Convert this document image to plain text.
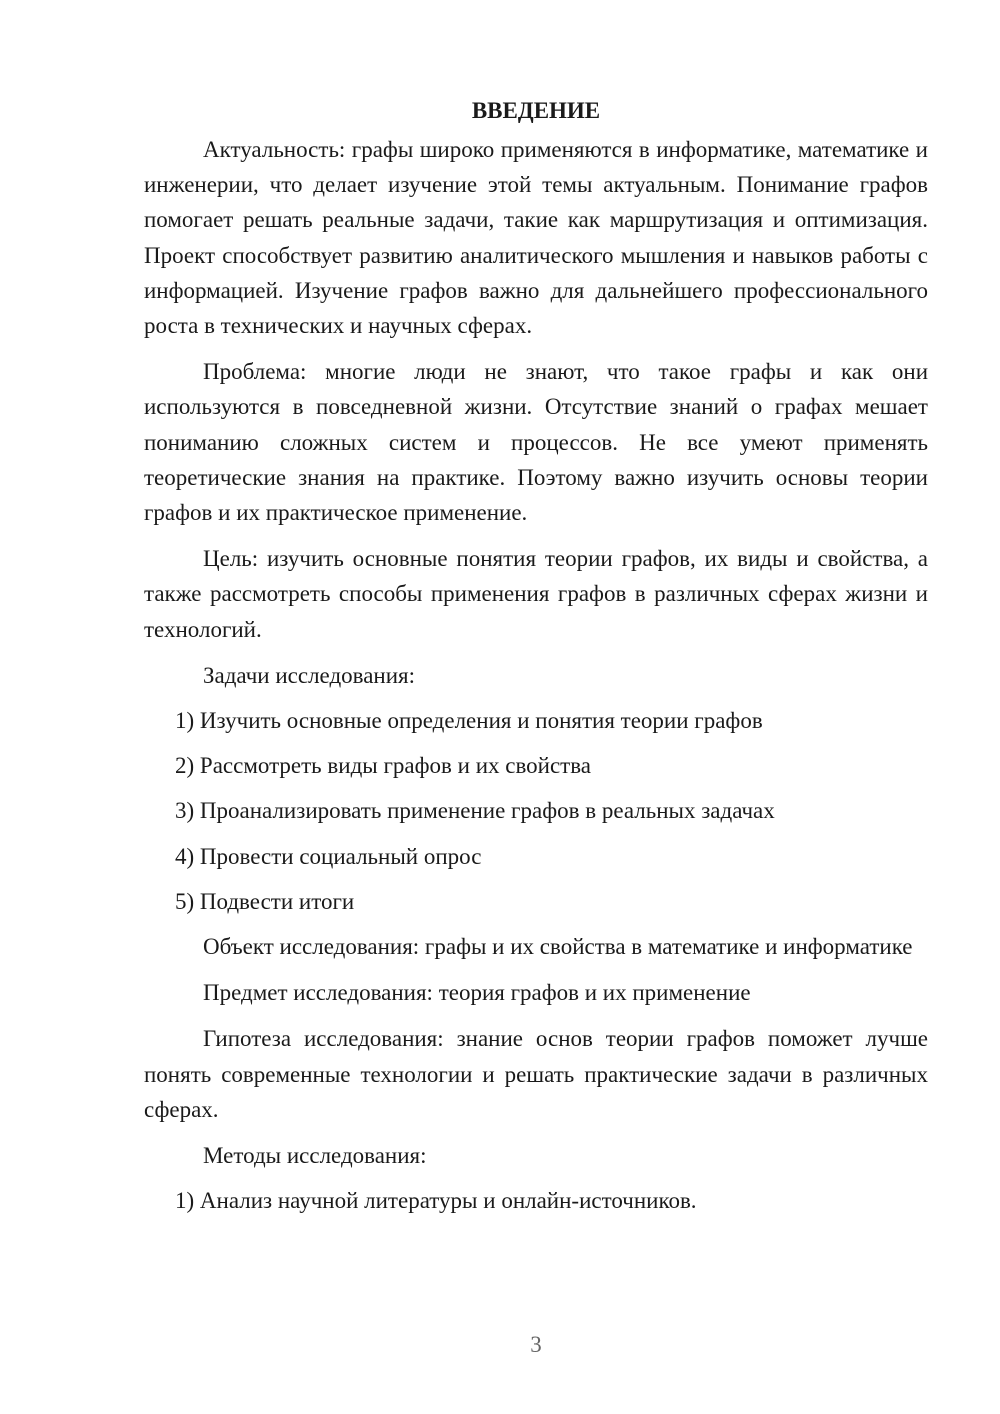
ВВЕДЕНИЕ

Актуальность: графы широко применяются в информатике, математике и инженерии, что делает изучение этой темы актуальным. Понимание графов помогает решать реальные задачи, такие как маршрутизация и оптимизация. Проект способствует развитию аналитического мышления и навыков работы с информацией. Изучение графов важно для дальнейшего профессионального роста в технических и научных сферах.

Проблема: многие люди не знают, что такое графы и как они используются в повседневной жизни. Отсутствие знаний о графах мешает пониманию сложных систем и процессов. Не все умеют применять теоретические знания на практике. Поэтому важно изучить основы теории графов и их практическое применение.

Цель: изучить основные понятия теории графов, их виды и свойства, а также рассмотреть способы применения графов в различных сферах жизни и технологий.

Задачи исследования:
1) Изучить основные определения и понятия теории графов
2) Рассмотреть виды графов и их свойства
3) Проанализировать применение графов в реальных задачах
4) Провести социальный опрос
5) Подвести итоги

Объект исследования: графы и их свойства в математике и информатике

Предмет исследования: теория графов и их применение

Гипотеза исследования: знание основ теории графов поможет лучше понять современные технологии и решать практические задачи в различных сферах.

Методы исследования:
1) Анализ научной литературы и онлайн-источников.
3
